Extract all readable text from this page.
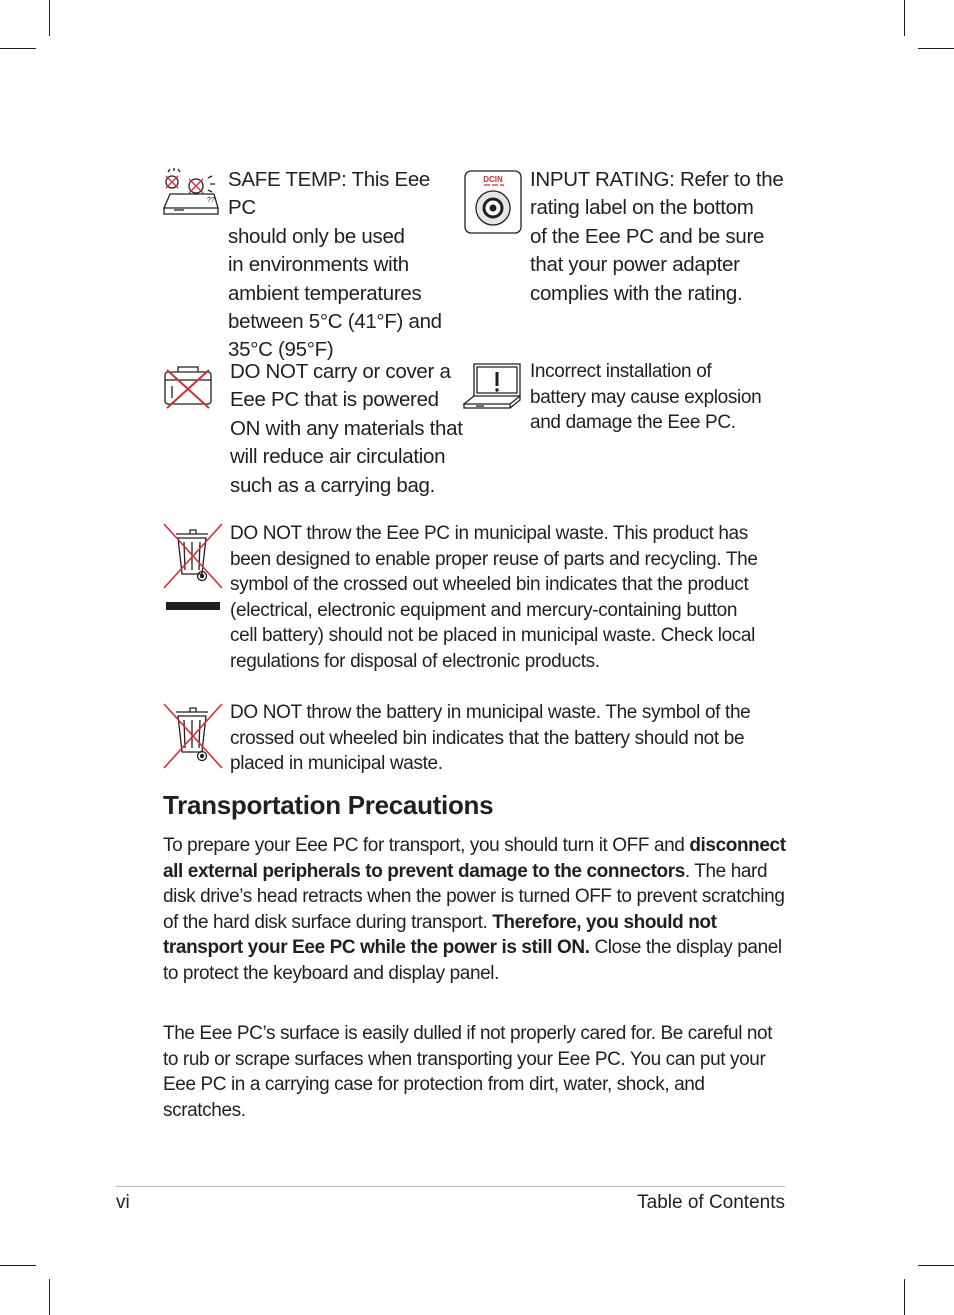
??
SAFE TEMP: This Eee PC
should only be used
in environments with
ambient temperatures
between 5°C (41°F) and
35°C (95°F)
DCIN INPUT RATING: Refer to the
rating label on the bottom
of the Eee PC and be sure
that your power adapter
complies with the rating.
DO NOT carry or cover a
Eee PC that is powered
ON with any materials that
will reduce air circulation
such as a carrying bag.
Incorrect installation of
battery may cause explosion
and damage the Eee PC.
DO NOT throw the Eee PC in municipal waste. This product has
been designed to enable proper reuse of parts and recycling. The
symbol of the crossed out wheeled bin indicates that the product
(electrical, electronic equipment and mercury-containing button
cell battery) should not be placed in municipal waste. Check local
regulations for disposal of electronic products.
DO NOT throw the battery in municipal waste. The symbol of the
crossed out wheeled bin indicates that the battery should not be
placed in municipal waste.
Transportation Precautions

To prepare your Eee PC for transport, you should turn it OFF and disconnect all external peripherals to prevent damage to the connectors. The hard disk drive’s head retracts when the power is turned OFF to prevent scratching of the hard disk surface during transport. Therefore, you should not transport your Eee PC while the power is still ON. Close the display panel to protect the keyboard and display panel.

The Eee PC’s surface is easily dulled if not properly cared for. Be careful not to rub or scrape surfaces when transporting your Eee PC. You can put your Eee PC in a carrying case for protection from dirt, water, shock, and scratches.

vi	Table of Contents
